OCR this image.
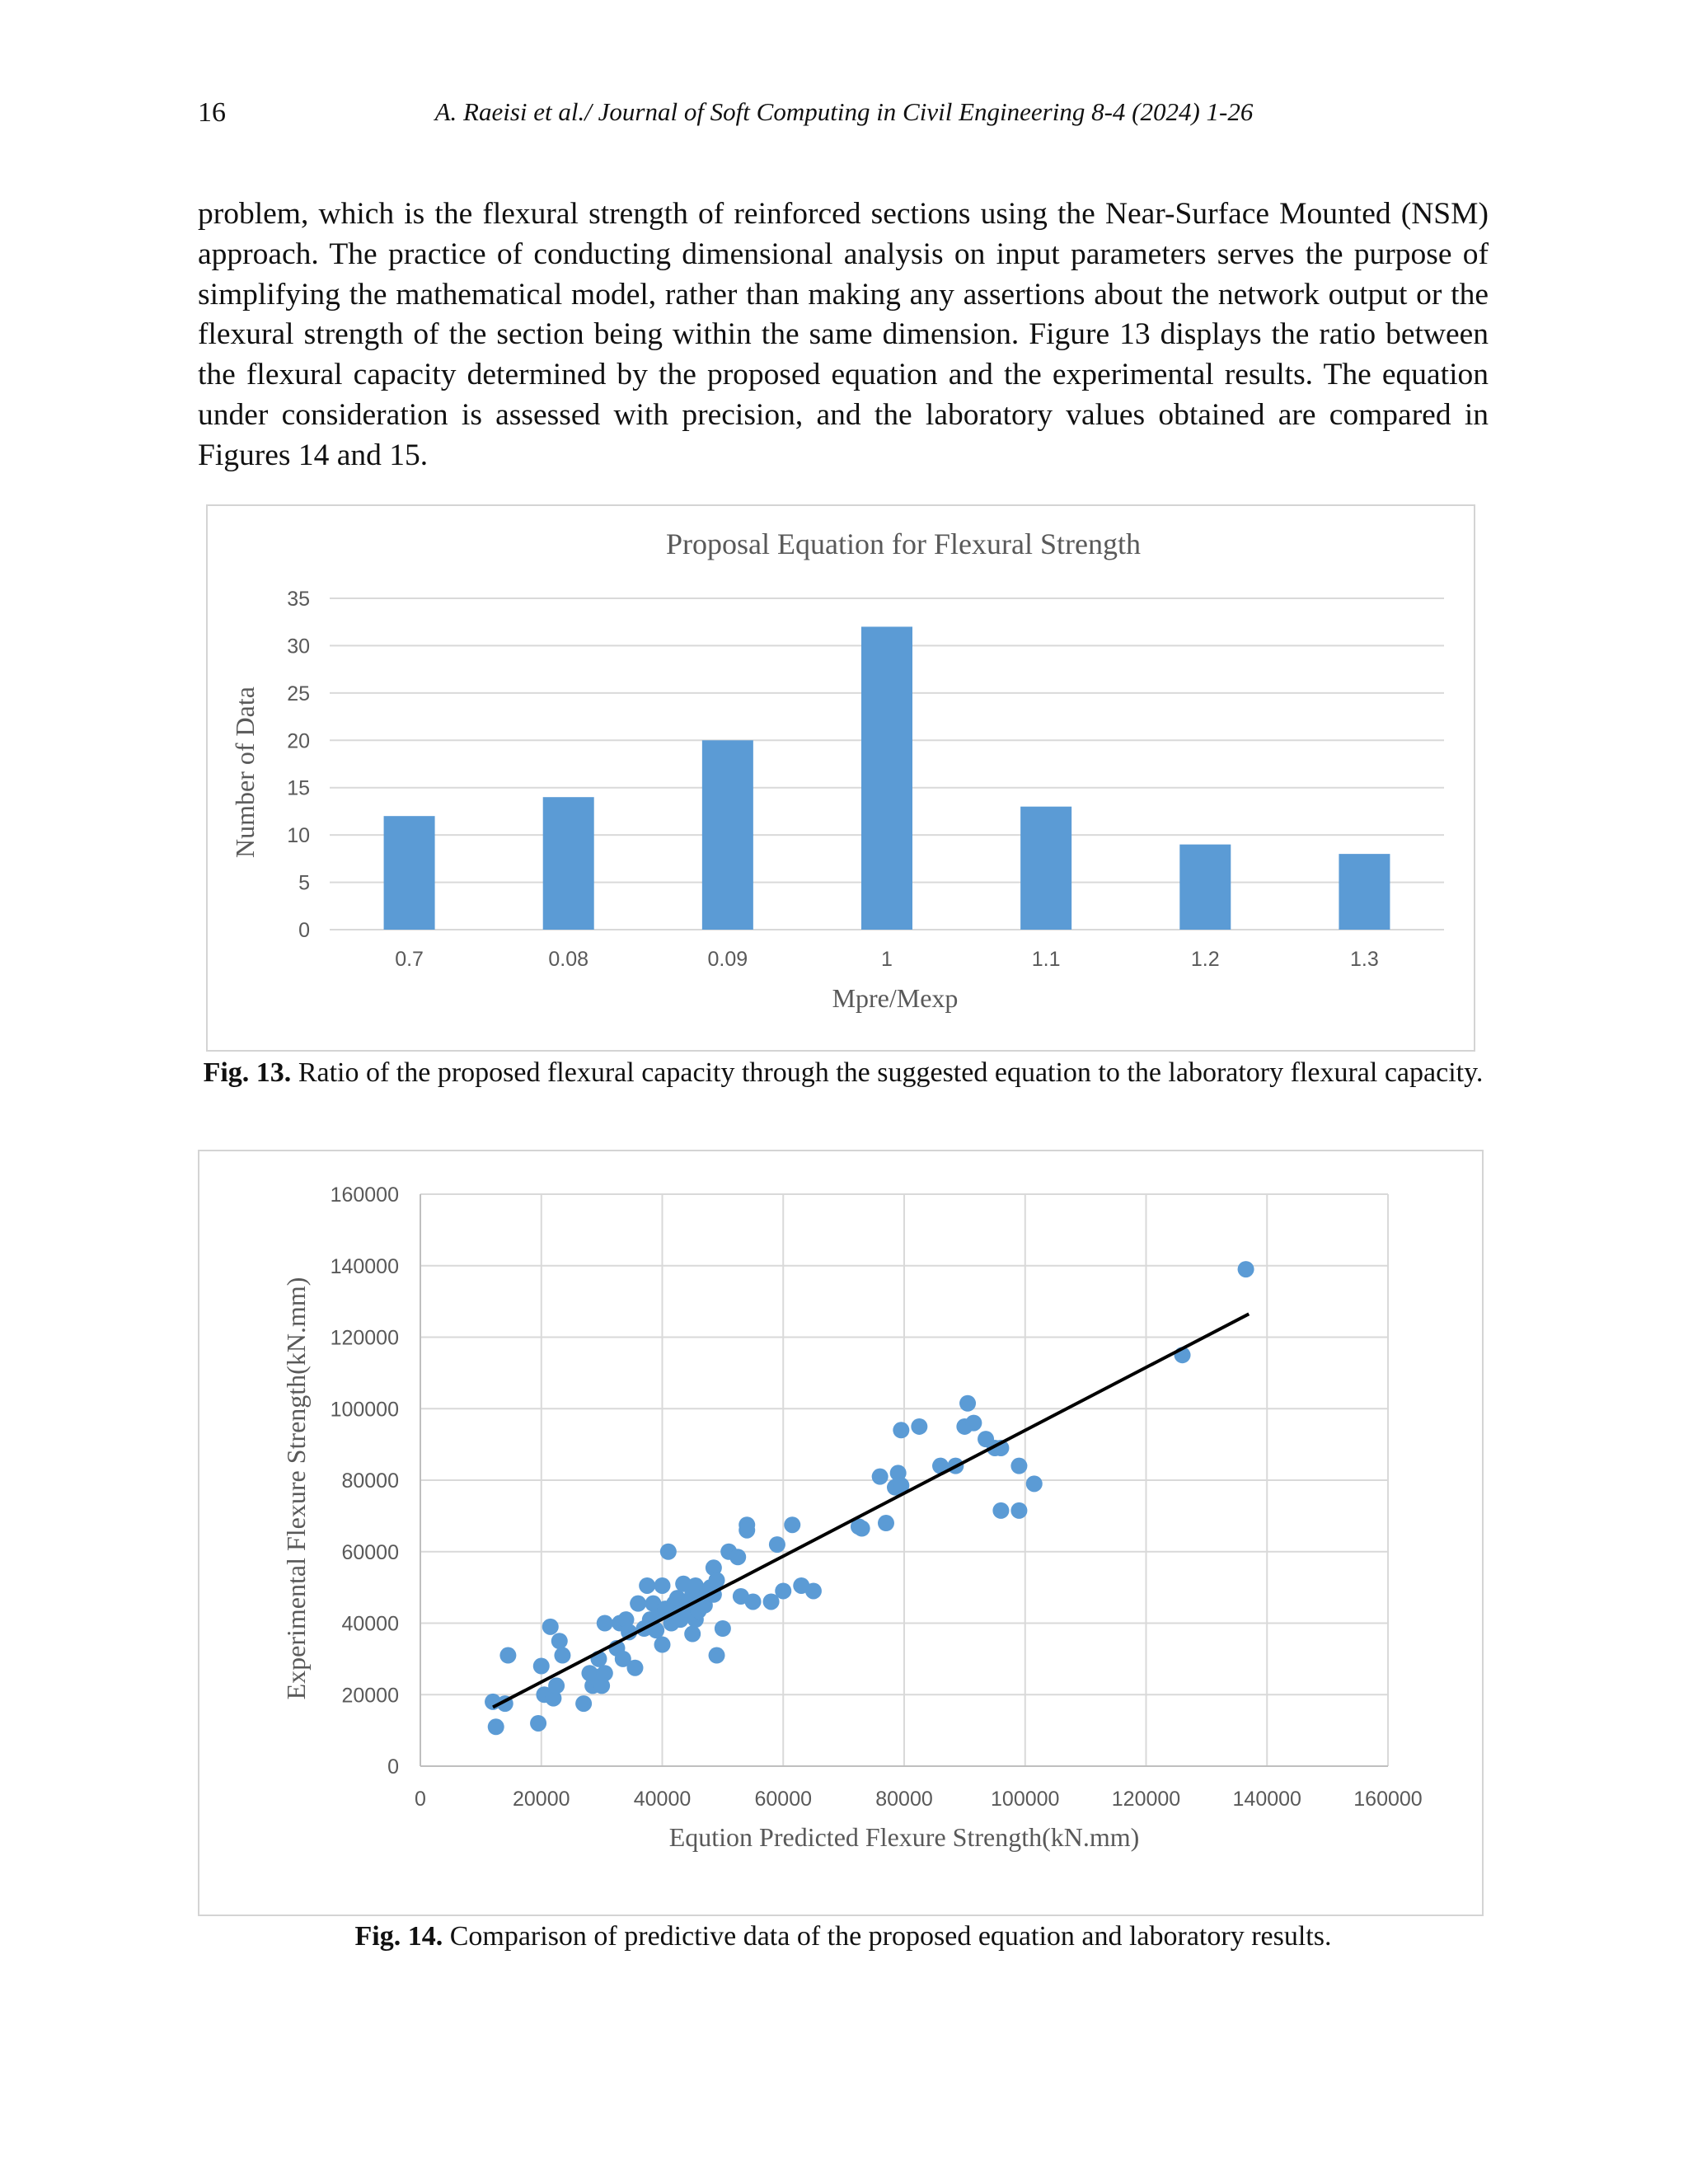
16	A. Raeisi et al./ Journal of Soft Computing in Civil Engineering 8-4 (2024) 1-26

problem, which is the flexural strength of reinforced sections using the Near-Surface Mounted (NSM) approach. The practice of conducting dimensional analysis on input parameters serves the purpose of simplifying the mathematical model, rather than making any assertions about the network output or the flexural strength of the section being within the same dimension. Figure 13 displays the ratio between the flexural capacity determined by the proposed equation and the experimental results. The equation under consideration is assessed with precision, and the laboratory values obtained are compared in Figures 14 and 15.

Proposal Equation for Flexural Strength
0
5
10
15
20
25
30
35
0.7	0.08	0.09	1	1.1	1.2	1.3
Mpre/Mexp
Number of Data
Fig. 13. Ratio of the proposed flexural capacity through the suggested equation to the laboratory flexural capacity.
0
20000
40000
60000
80000
100000
120000
140000
160000
0	20000	40000	60000	80000	100000	120000	140000	160000
Eqution Predicted Flexure Strength(kN.mm)
Experimental Flexure Strength(kN.mm)
Fig. 14. Comparison of predictive data of the proposed equation and laboratory results.
